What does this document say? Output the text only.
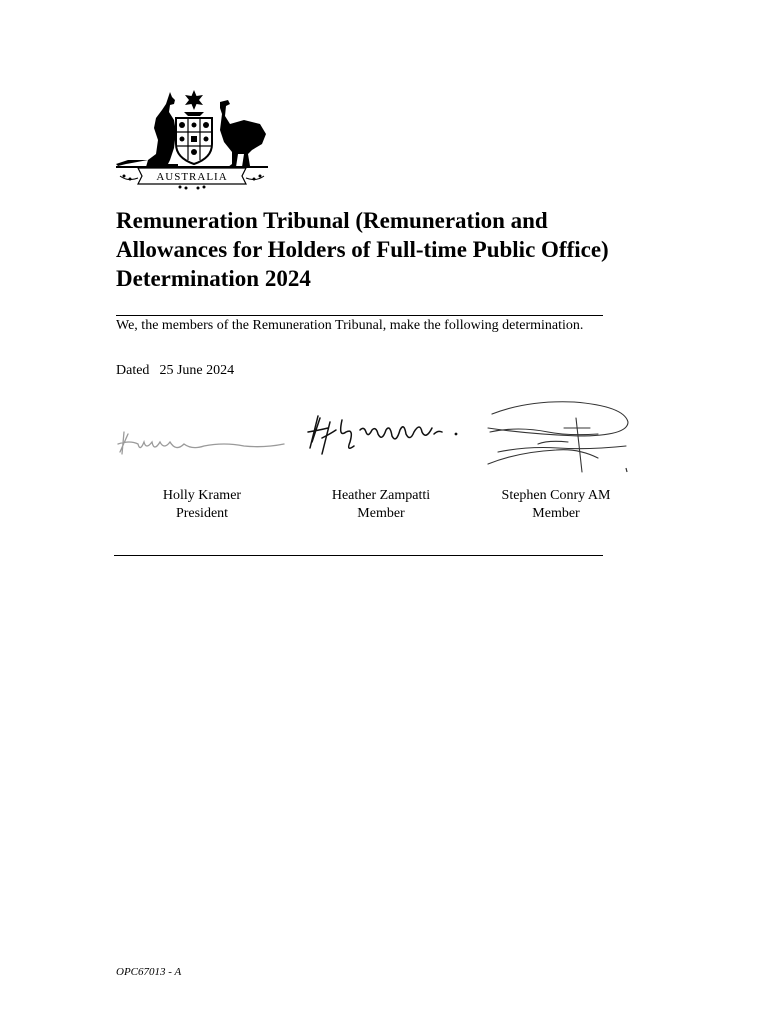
AUSTRALIA
Remuneration Tribunal (Remuneration and Allowances for Holders of Full-time Public Office) Determination 2024
We, the members of the Remuneration Tribunal, make the following determination.
Dated 25 June 2024
Holly Kramer
President
Heather Zampatti
Member
Stephen Conry AM
Member
OPC67013 - A
